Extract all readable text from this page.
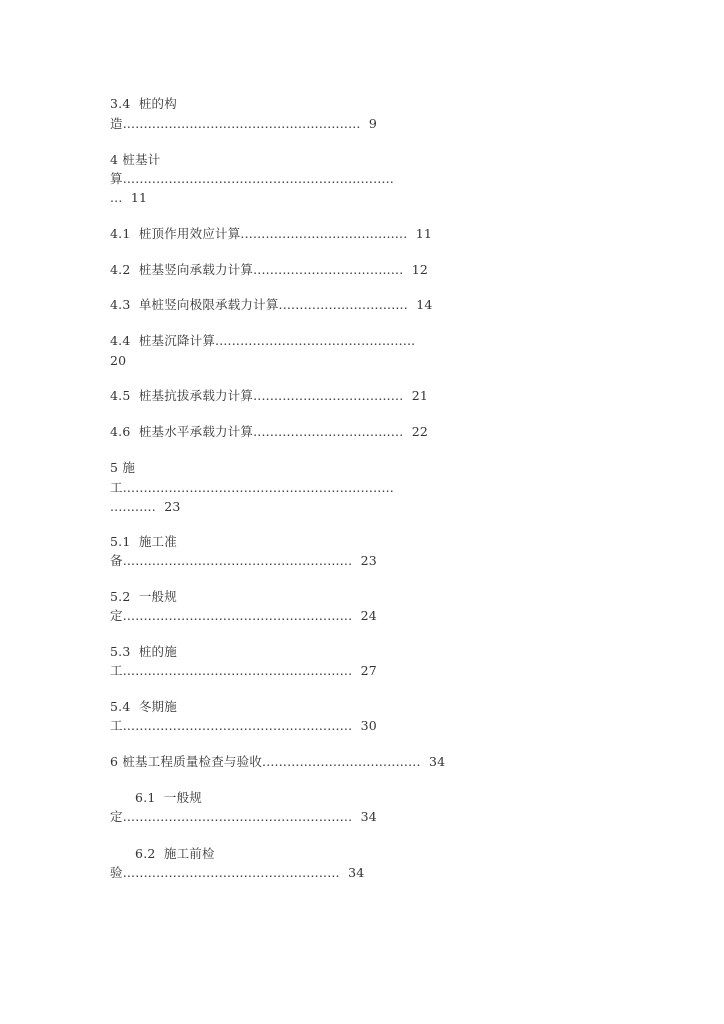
3.4  桩的构
造.........................................................  9
4 桩基计
算.................................................................
...  11
4.1  桩顶作用效应计算........................................  11
4.2  桩基竖向承载力计算....................................  12
4.3  单桩竖向极限承载力计算...............................  14
4.4  桩基沉降计算................................................
20
4.5  桩基抗拔承载力计算....................................  21
4.6  桩基水平承载力计算....................................  22
5 施
工.................................................................
...........  23
5.1  施工准
备.......................................................  23
5.2  一般规
定.......................................................  24
5.3  桩的施
工.......................................................  27
5.4  冬期施
工.......................................................  30
6 桩基工程质量检查与验收......................................  34
6.1  一般规
定.......................................................  34
6.2  施工前检
验....................................................  34
